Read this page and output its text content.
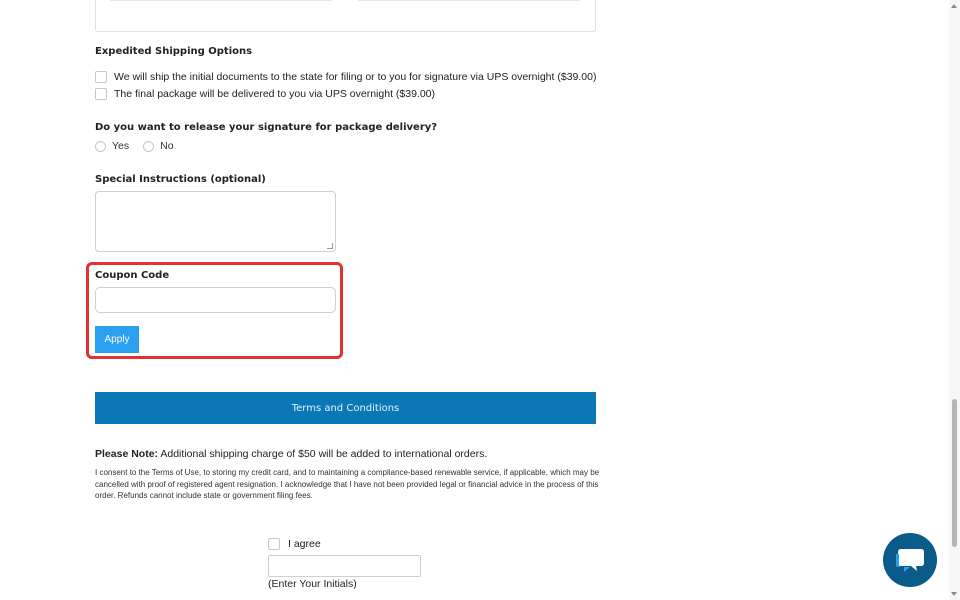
Expedited Shipping Options
We will ship the initial documents to the state for filing or to you for signature via UPS overnight ($39.00)
The final package will be delivered to you via UPS overnight ($39.00)
Do you want to release your signature for package delivery?
Yes	No
Special Instructions (optional)
Coupon Code
Apply
Terms and Conditions
Please Note: Additional shipping charge of $50 will be added to international orders.
I consent to the Terms of Use, to storing my credit card, and to maintaining a compliance-based renewable service, if applicable, which may be cancelled with proof of registered agent resignation. I acknowledge that I have not been provided legal or financial advice in the process of this order. Refunds cannot include state or government filing fees.
I agree
(Enter Your Initials)
